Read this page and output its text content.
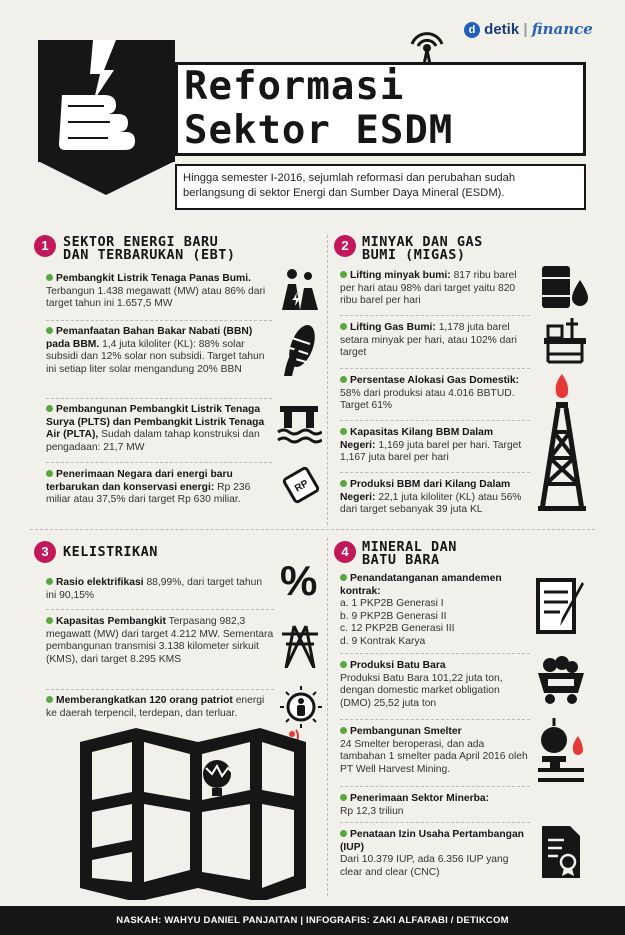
d detik | finance
Reformasi
Sektor ESDM
Hingga semester I-2016, sejumlah reformasi dan perubahan sudah berlangsung di sektor Energi dan Sumber Daya Mineral (ESDM).
1	SEKTOR ENERGI BARU
DAN TERBARUKAN (EBT)
Pembangkit Listrik Tenaga Panas Bumi. Terbangun 1.438 megawatt (MW) atau 86% dari target tahun ini 1.657,5 MW
Pemanfaatan Bahan Bakar Nabati (BBN) pada BBM. 1,4 juta kiloliter (KL): 88% solar subsidi dan 12% solar non subsidi. Target tahun ini setiap liter solar mengandung 20% BBN
Pembangunan Pembangkit Listrik Tenaga Surya (PLTS) dan Pembangkit Listrik Tenaga Air (PLTA), Sudah dalam tahap konstruksi dan pengadaan: 21,7 MW
Penerimaan Negara dari energi baru terbarukan dan konservasi energi: Rp 236 miliar atau 37,5% dari target Rp 630 miliar.
RP
2 MINYAK DAN GAS
BUMI (MIGAS)
Lifting minyak bumi: 817 ribu barel per hari atau 98% dari target yaitu 820 ribu barel per hari
Lifting Gas Bumi: 1,178 juta barel setara minyak per hari, atau 102% dari target
Persentase Alokasi Gas Domestik: 58% dari produksi atau 4.016 BBTUD. Target 61%
Kapasitas Kilang BBM Dalam Negeri: 1,169 juta barel per hari. Target 1,167 juta barel per hari
Produksi BBM dari Kilang Dalam Negeri: 22,1 juta kiloliter (KL) atau 56% dari target sebanyak 39 juta KL
3	KELISTRIKAN
Rasio elektrifikasi 88,99%, dari target tahun ini 90,15%
Kapasitas Pembangkit Terpasang 982,3 megawatt (MW) dari target 4.212 MW. Sementara pembangunan transmisi 3.138 kilometer sirkuit (KMS), dari target 8.295 KMS
Memberangkatkan 120 orang patriot energi ke daerah terpencil, terdepan, dan terluar.
%
4 MINERAL DAN
BATU BARA
Penandatanganan amandemen kontrak:
a. 1 PKP2B Generasi I
b. 9 PKP2B Generasi II
c. 12 PKP2B Generasi III
d. 9 Kontrak Karya
Produksi Batu Bara
Produksi Batu Bara 101,22 juta ton, dengan domestic market obligation (DMO) 25,52 juta ton
Pembangunan Smelter
24 Smelter beroperasi, dan ada tambahan 1 smelter pada April 2016 oleh PT Well Harvest Mining.
Penerimaan Sektor Minerba:
Rp 12,3 triliun
Penataan Izin Usaha Pertambangan (IUP)
Dari 10.379 IUP, ada 6.356 IUP yang clear and clear (CNC)
NASKAH: WAHYU DANIEL PANJAITAN | INFOGRAFIS: ZAKI ALFARABI / DETIKCOM
